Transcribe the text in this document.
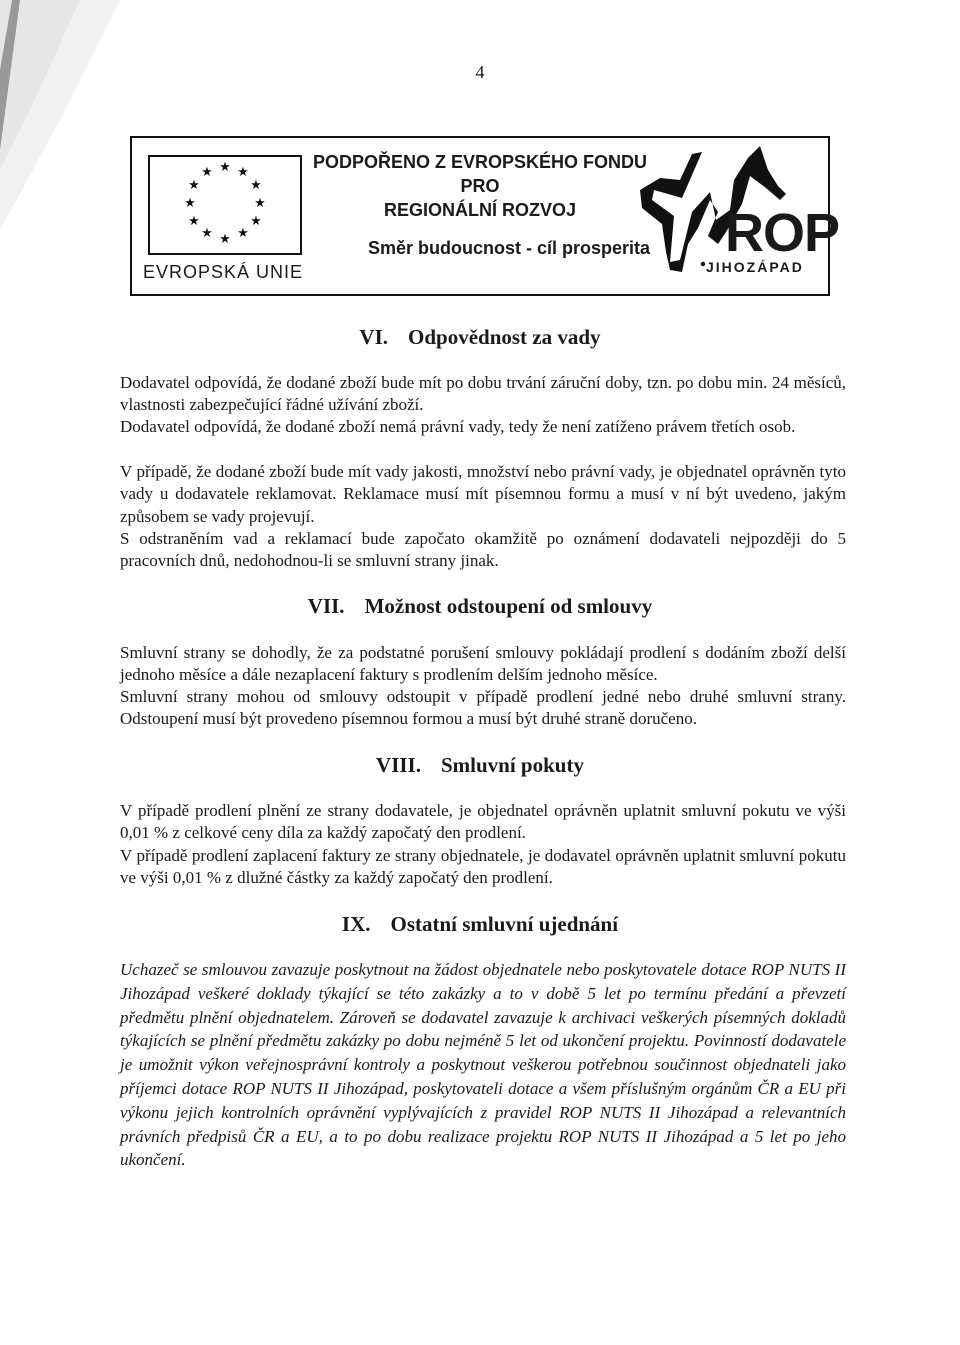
4
★ ★
★
★
★
★
★
★
★
★
★
★
EVROPSKÁ UNIE
PODPOŘENO Z EVROPSKÉHO FONDU
PRO
REGIONÁLNÍ ROZVOJ
Směr budoucnost - cíl prosperita ROP
JIHOZÁPAD
VI. Odpovědnost za vady

Dodavatel odpovídá, že dodané zboží bude mít po dobu trvání záruční doby, tzn. po dobu min. 24 měsíců, vlastnosti zabezpečující řádné užívání zboží.

Dodavatel odpovídá, že dodané zboží nemá právní vady, tedy že není zatíženo právem třetích osob.

V případě, že dodané zboží bude mít vady jakosti, množství nebo právní vady, je objednatel oprávněn tyto vady u dodavatele reklamovat. Reklamace musí mít písemnou formu a musí v ní být uvedeno, jakým způsobem se vady projevují.

S odstraněním vad a reklamací bude započato okamžitě po oznámení dodavateli nejpozději do 5 pracovních dnů, nedohodnou-li se smluvní strany jinak.

VII. Možnost odstoupení od smlouvy

Smluvní strany se dohodly, že za podstatné porušení smlouvy pokládají prodlení s dodáním zboží delší jednoho měsíce a dále nezaplacení faktury s prodlením delším jednoho měsíce.

Smluvní strany mohou od smlouvy odstoupit v případě prodlení jedné nebo druhé smluvní strany. Odstoupení musí být provedeno písemnou formou a musí být druhé straně doručeno.

VIII. Smluvní pokuty

V případě prodlení plnění ze strany dodavatele, je objednatel oprávněn uplatnit smluvní pokutu ve výši 0,01 % z celkové ceny díla za každý započatý den prodlení.

V případě prodlení zaplacení faktury ze strany objednatele, je dodavatel oprávněn uplatnit smluvní pokutu ve výši 0,01 % z dlužné částky za každý započatý den prodlení.

IX. Ostatní smluvní ujednání

Uchazeč se smlouvou zavazuje poskytnout na žádost objednatele nebo poskytovatele dotace ROP NUTS II Jihozápad veškeré doklady týkající se této zakázky a to v době 5 let po termínu předání a převzetí předmětu plnění objednatelem. Zároveň se dodavatel zavazuje k archivaci veškerých písemných dokladů týkajících se plnění předmětu zakázky po dobu nejméně 5 let od ukončení projektu. Povinností dodavatele je umožnit výkon veřejnosprávní kontroly a poskytnout veškerou potřebnou součinnost objednateli jako příjemci dotace ROP NUTS II Jihozápad, poskytovateli dotace a všem příslušným orgánům ČR a EU při výkonu jejich kontrolních oprávnění vyplývajících z pravidel ROP NUTS II Jihozápad a relevantních právních předpisů ČR a EU, a to po dobu realizace projektu ROP NUTS II Jihozápad a 5 let po jeho ukončení.
